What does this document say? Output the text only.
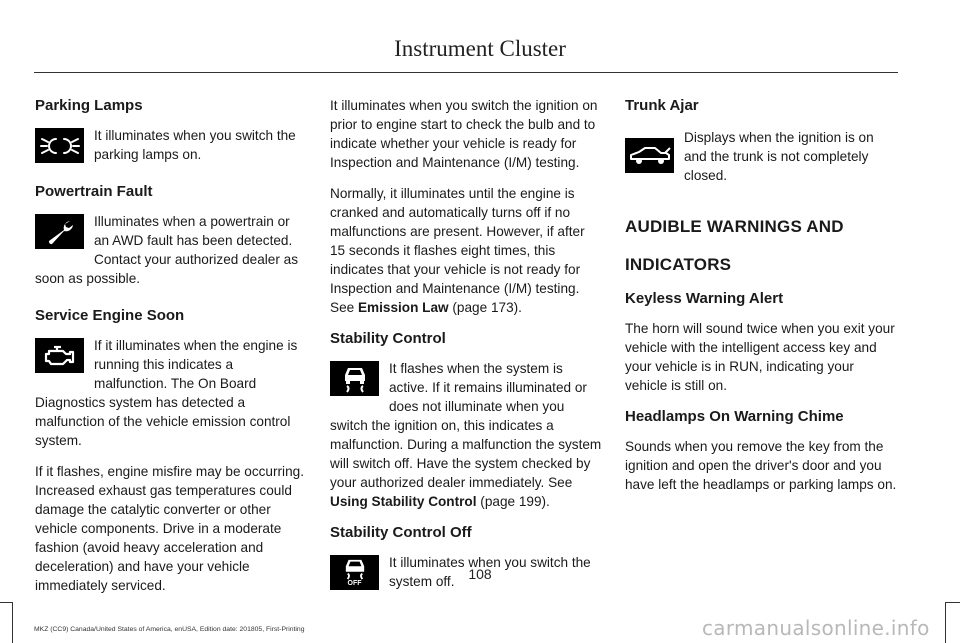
Instrument Cluster
Parking Lamps

It illuminates when you switch the parking lamps on.

Powertrain Fault

Illuminates when a powertrain or an AWD fault has been detected. Contact your authorized dealer as soon as possible.

Service Engine Soon

If it illuminates when the engine is running this indicates a malfunction. The On Board Diagnostics system has detected a malfunction of the vehicle emission control system.

If it flashes, engine misfire may be occurring. Increased exhaust gas temperatures could damage the catalytic converter or other vehicle components. Drive in a moderate fashion (avoid heavy acceleration and deceleration) and have your vehicle immediately serviced.

It illuminates when you switch the ignition on prior to engine start to check the bulb and to indicate whether your vehicle is ready for Inspection and Maintenance (I/M) testing.

Normally, it illuminates until the engine is cranked and automatically turns off if no malfunctions are present. However, if after 15 seconds it flashes eight times, this indicates that your vehicle is not ready for Inspection and Maintenance (I/M) testing. See Emission Law (page 173).

Stability Control

It flashes when the system is active. If it remains illuminated or does not illuminate when you switch the ignition on, this indicates a malfunction. During a malfunction the system will switch off. Have the system checked by your authorized dealer immediately. See Using Stability Control (page 199).

Stability Control Off
OFF

It illuminates when you switch the system off.

Trunk Ajar

Displays when the ignition is on and the trunk is not completely closed.

AUDIBLE WARNINGS AND
INDICATORS
Keyless Warning Alert

The horn will sound twice when you exit your vehicle with the intelligent access key and your vehicle is in RUN, indicating your vehicle is still on.

Headlamps On Warning Chime

Sounds when you remove the key from the ignition and open the driver's door and you have left the headlamps or parking lamps on.

108
MKZ (CC9) Canada/United States of America, enUSA, Edition date: 201805, First-Printing	carmanualsonline.info
